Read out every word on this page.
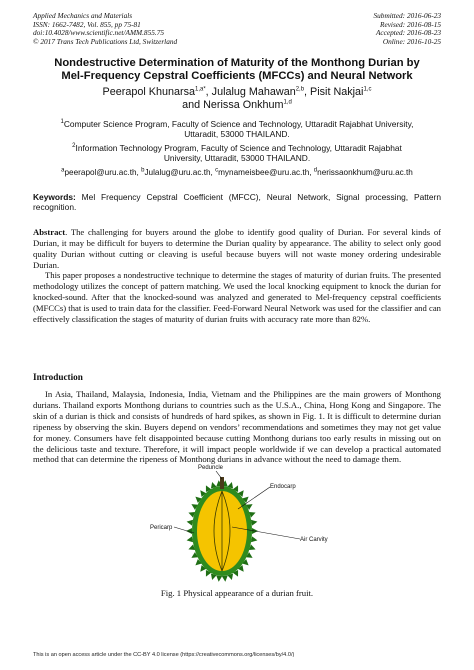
Applied Mechanics and Materials
ISSN: 1662-7482, Vol. 855, pp 75-81
doi:10.4028/www.scientific.net/AMM.855.75
© 2017 Trans Tech Publications Ltd, Switzerland
Submitted: 2016-06-23
Revised: 2016-08-15
Accepted: 2016-08-23
Online: 2016-10-25
Nondestructive Determination of Maturity of the Monthong Durian by
Mel-Frequency Cepstral Coefficients (MFCCs) and Neural Network
Peerapol Khunarsa$^{1,a*}$, Julalug Mahawan$^{2,b}$, Pisit Nakjai$^{1,c}$
and Nerissa Onkhum$^{1,d}$
$^1$Computer Science Program, Faculty of Science and Technology, Uttaradit Rajabhat University,
Uttaradit, 53000 THAILAND.
$^2$Information Technology Program, Faculty of Science and Technology, Uttaradit Rajabhat
University, Uttaradit, 53000 THAILAND.
$^a$peerapol@uru.ac.th, $^b$Julalug@uru.ac.th, $^c$mynameisbee@uru.ac.th, $^d$nerissaonkhum@uru.ac.th
Keywords: Mel Frequency Cepstral Coefficient (MFCC), Neural Network, Signal processing, Pattern recognition.
Abstract. The challenging for buyers around the globe to identify good quality of Durian. For several kinds of Durian, it may be difficult for buyers to determine the Durian quality by appearance. The ability to select only good quality Durian without cutting or cleaving is useful because buyers will not waste money ordering undesirable Durian.
This paper proposes a nondestructive technique to determine the stages of maturity of durian fruits. The presented methodology utilizes the concept of pattern matching. We used the local knocking equipment to knock the durian for knocked-sound. After that the knocked-sound was analyzed and generated to Mel-frequency cepstral coefficients (MFCCs) that is used to train data for the classifier. Feed-Forward Neural Network was used for the classifier and can effectively classification the stages of maturity of durian fruits with accuracy rate more than 82%.
Introduction
In Asia, Thailand, Malaysia, Indonesia, India, Vietnam and the Philippines are the main growers of Monthong durians. Thailand exports Monthong durians to countries such as the U.S.A., China, Hong Kong and Singapore. The skin of a durian is thick and consists of hundreds of hard spikes, as shown in Fig. 1. It is difficult to determine durian ripeness by observing the skin. Buyers depend on vendors’ recommendations and sometimes they may not get value for money. Consumers have felt disappointed because cutting Monthong durians too early results in missing out on the delicious taste and texture. Therefore, it will impact people worldwide if we can develop a practical automated method that can determine the ripeness of Monthong durians in advance without the need to damage them.
Peduncle
Endocarp
Pericarp
Air Carvity
Fig. 1 Physical appearance of a durian fruit.
This is an open access article under the CC-BY 4.0 license (https://creativecommons.org/licenses/by/4.0/)
